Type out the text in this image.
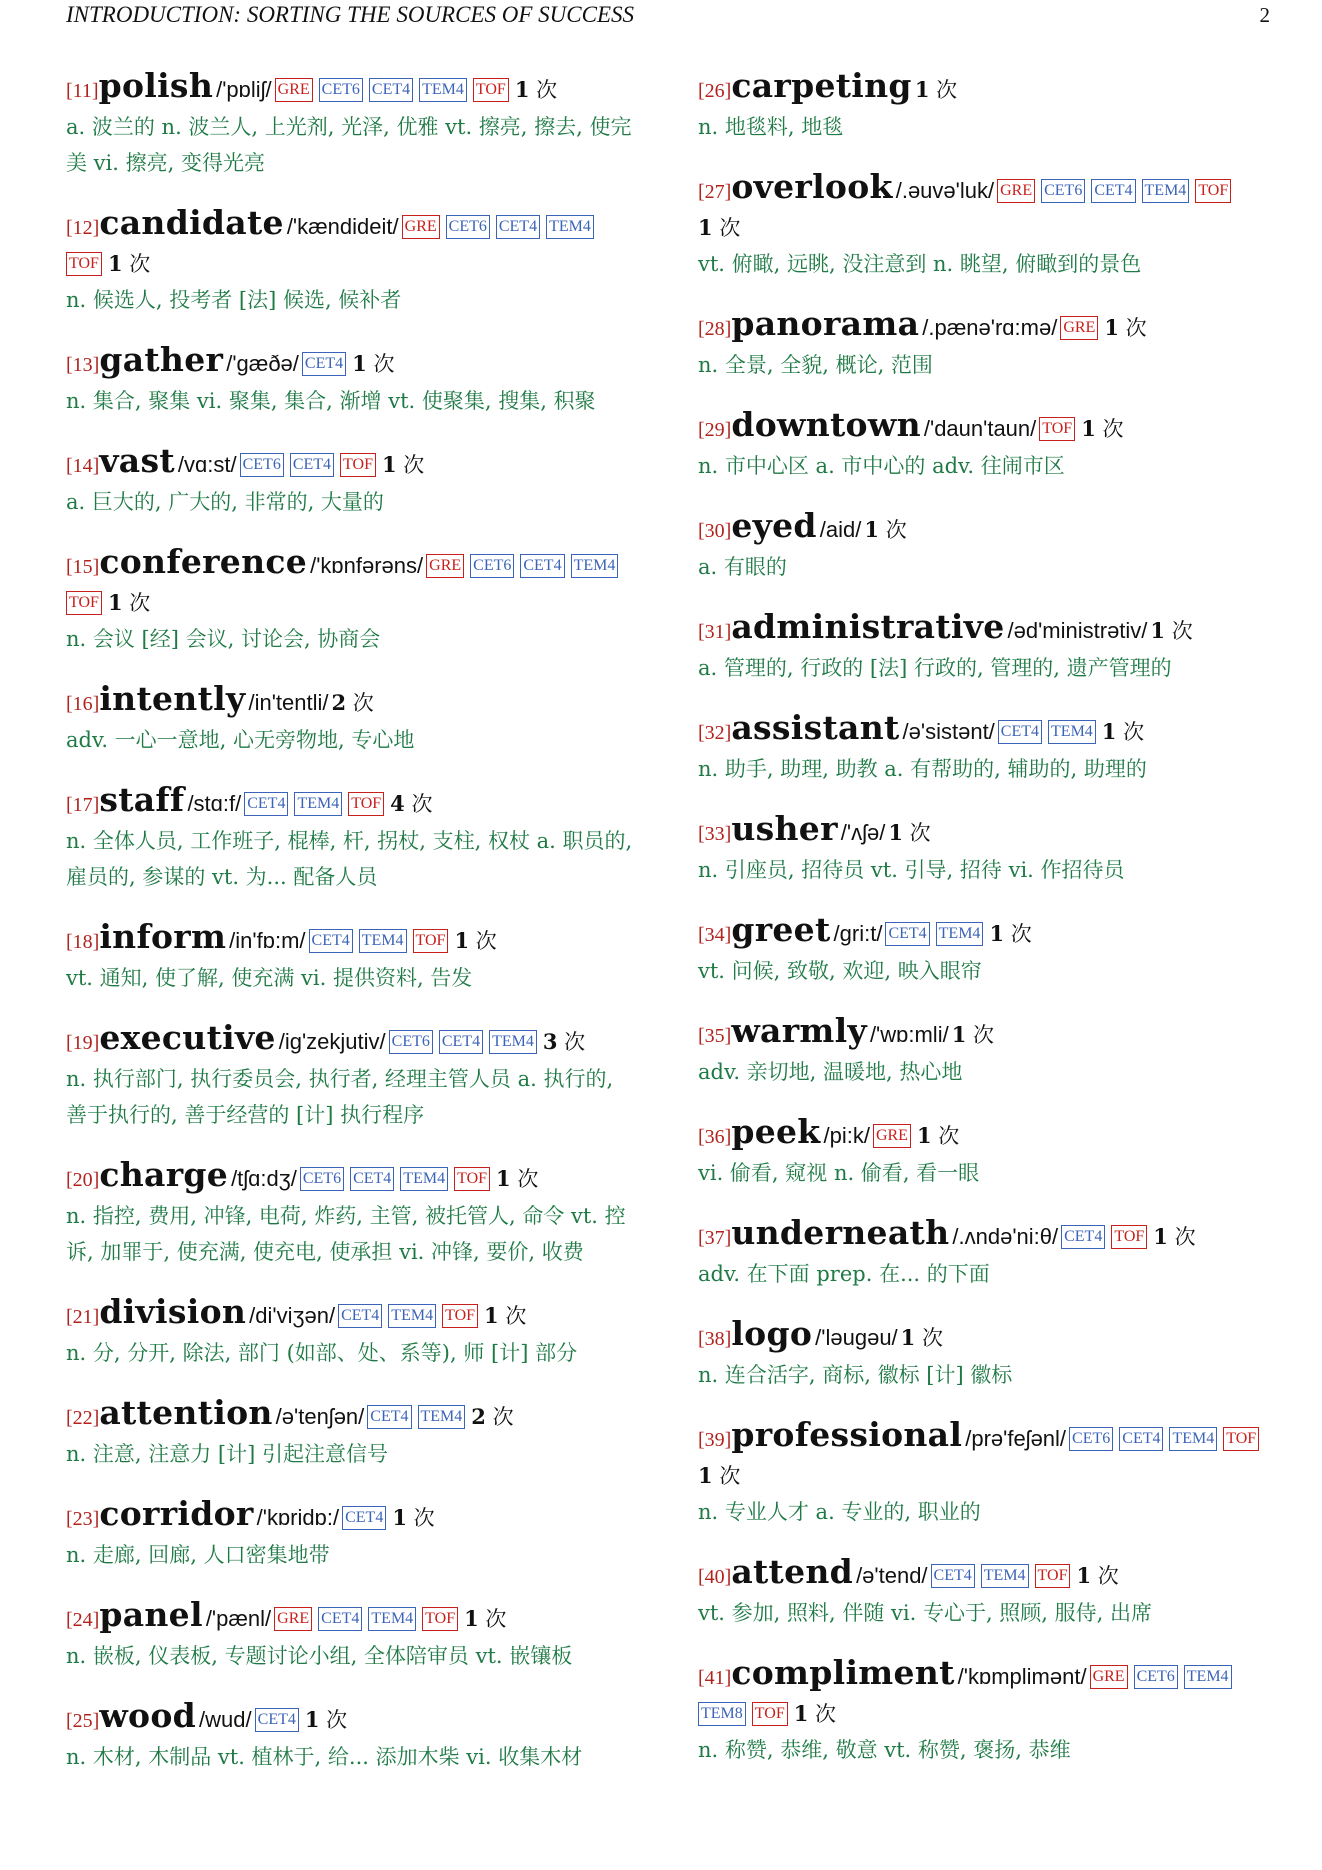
INTRODUCTION: SORTING THE SOURCES OF SUCCESS	2
[11]polish /'pɒliʃ/ GRE CET6 CET4 TEM4 TOF 1 次
a. 波兰的 n. 波兰人, 上光剂, 光泽, 优雅 vt. 擦亮, 擦去, 使完美 vi. 擦亮, 变得光亮
[12]candidate /'kændideit/ GRE CET6 CET4 TEM4TOF 1 次
n. 候选人, 投考者 [法] 候选, 候补者
[13]gather /'gæðə/ CET4 1 次
n. 集合, 聚集 vi. 聚集, 集合, 渐增 vt. 使聚集, 搜集, 积聚
[14]vast /vɑ:st/ CET6 CET4 TOF 1 次
a. 巨大的, 广大的, 非常的, 大量的
[15]conference /'kɒnfərəns/ GRE CET6 CET4 TEM4TOF 1 次
n. 会议 [经] 会议, 讨论会, 协商会
[16]intently /in'tentli/ 2 次
adv. 一心一意地, 心无旁物地, 专心地
[17]staff /stɑ:f/ CET4 TEM4 TOF 4 次
n. 全体人员, 工作班子, 棍棒, 杆, 拐杖, 支柱, 权杖 a. 职员的, 雇员的, 参谋的 vt. 为... 配备人员
[18]inform /in'fɒ:m/ CET4 TEM4 TOF 1 次
vt. 通知, 使了解, 使充满 vi. 提供资料, 告发
[19]executive /ig'zekjutiv/ CET6 CET4 TEM4 3 次
n. 执行部门, 执行委员会, 执行者, 经理主管人员 a. 执行的, 善于执行的, 善于经营的 [计] 执行程序
[20]charge /tʃɑ:dʒ/ CET6 CET4 TEM4 TOF 1 次
n. 指控, 费用, 冲锋, 电荷, 炸药, 主管, 被托管人, 命令 vt. 控诉, 加罪于, 使充满, 使充电, 使承担 vi. 冲锋, 要价, 收费
[21]division /di'viʒən/ CET4 TEM4 TOF 1 次
n. 分, 分开, 除法, 部门 (如部、处、系等), 师 [计] 部分
[22]attention /ə'tenʃən/ CET4 TEM4 2 次
n. 注意, 注意力 [计] 引起注意信号
[23]corridor /'kɒridɒ:/ CET4 1 次
n. 走廊, 回廊, 人口密集地带
[24]panel /'pænl/ GRE CET4 TEM4 TOF 1 次
n. 嵌板, 仪表板, 专题讨论小组, 全体陪审员 vt. 嵌镶板
[25]wood /wud/ CET4 1 次
n. 木材, 木制品 vt. 植林于, 给... 添加木柴 vi. 收集木材
[26]carpeting 1 次
n. 地毯料, 地毯
[27]overlook /.əuvə'luk/ GRE CET6 CET4 TEM4 TOF1 次
vt. 俯瞰, 远眺, 没注意到 n. 眺望, 俯瞰到的景色
[28]panorama /.pænə'rɑ:mə/ GRE 1 次
n. 全景, 全貌, 概论, 范围
[29]downtown /'daun'taun/ TOF 1 次
n. 市中心区 a. 市中心的 adv. 往闹市区
[30]eyed /aid/ 1 次
a. 有眼的
[31]administrative /əd'ministrətiv/ 1 次
a. 管理的, 行政的 [法] 行政的, 管理的, 遗产管理的
[32]assistant /ə'sistənt/ CET4 TEM4 1 次
n. 助手, 助理, 助教 a. 有帮助的, 辅助的, 助理的
[33]usher /'ʌʃə/ 1 次
n. 引座员, 招待员 vt. 引导, 招待 vi. 作招待员
[34]greet /gri:t/ CET4 TEM4 1 次
vt. 问候, 致敬, 欢迎, 映入眼帘
[35]warmly /'wɒ:mli/ 1 次
adv. 亲切地, 温暖地, 热心地
[36]peek /pi:k/ GRE 1 次
vi. 偷看, 窥视 n. 偷看, 看一眼
[37]underneath /.ʌndə'ni:θ/ CET4 TOF 1 次
adv. 在下面 prep. 在... 的下面
[38]logo /'ləugəu/ 1 次
n. 连合活字, 商标, 徽标 [计] 徽标
[39]professional /prə'feʃənl/ CET6 CET4 TEM4 TOF1 次
n. 专业人才 a. 专业的, 职业的
[40]attend /ə'tend/ CET4 TEM4 TOF 1 次
vt. 参加, 照料, 伴随 vi. 专心于, 照顾, 服侍, 出席
[41]compliment /'kɒmplimənt/ GRE CET6 TEM4TEM8 TOF 1 次
n. 称赞, 恭维, 敬意 vt. 称赞, 褒扬, 恭维
